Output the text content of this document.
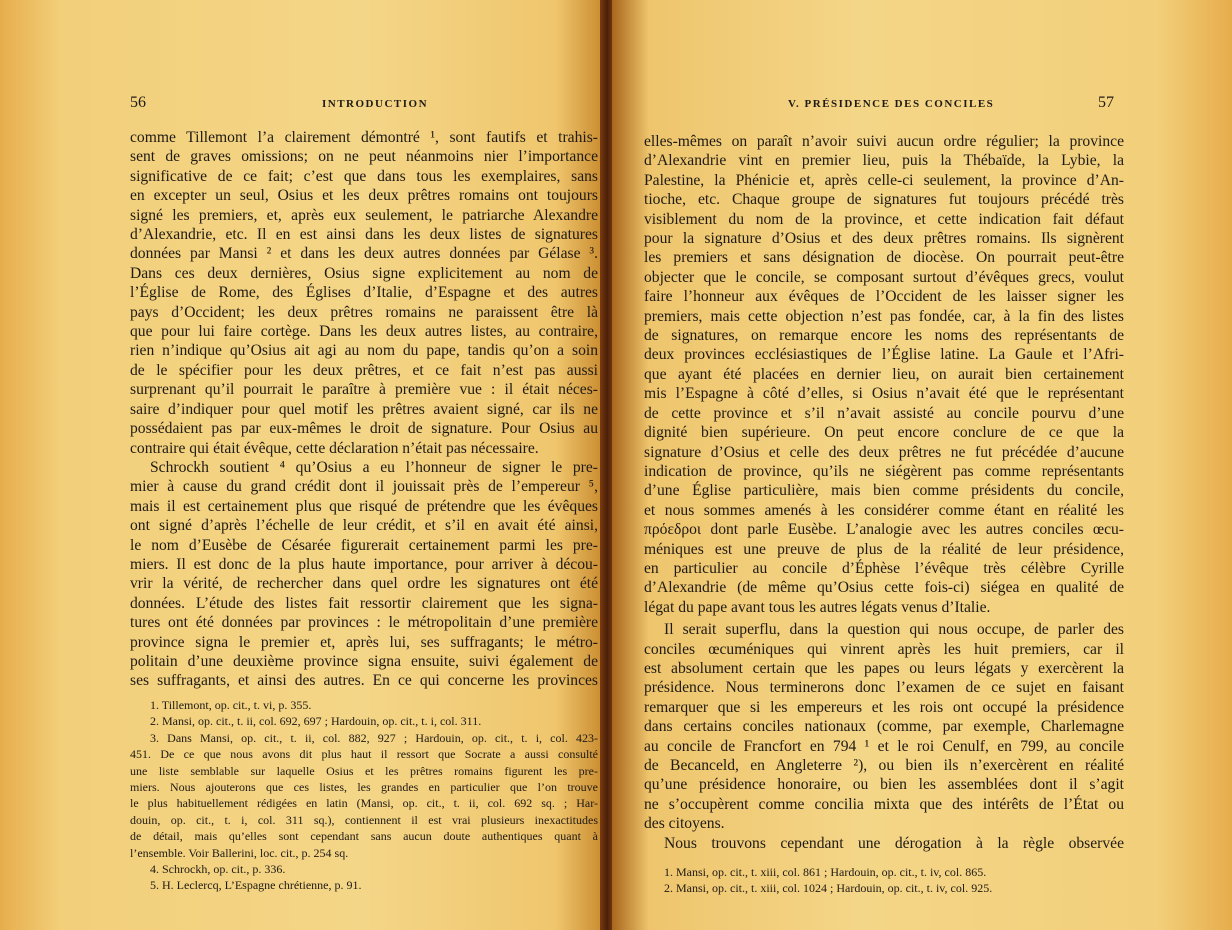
56	INTRODUCTION
comme Tillemont l’a clairement démontré ¹, sont fautifs et trahis-
sent de graves omissions; on ne peut néanmoins nier l’importance
significative de ce fait; c’est que dans tous les exemplaires, sans
en excepter un seul, Osius et les deux prêtres romains ont toujours
signé les premiers, et, après eux seulement, le patriarche Alexandre
d’Alexandrie, etc. Il en est ainsi dans les deux listes de signatures
données par Mansi ² et dans les deux autres données par Gélase ³.
Dans ces deux dernières, Osius signe explicitement au nom de
l’Église de Rome, des Églises d’Italie, d’Espagne et des autres
pays d’Occident; les deux prêtres romains ne paraissent être là
que pour lui faire cortège. Dans les deux autres listes, au contraire,
rien n’indique qu’Osius ait agi au nom du pape, tandis qu’on a soin
de le spécifier pour les deux prêtres, et ce fait n’est pas aussi
surprenant qu’il pourrait le paraître à première vue : il était néces-
saire d’indiquer pour quel motif les prêtres avaient signé, car ils ne
possédaient pas par eux-mêmes le droit de signature. Pour Osius au
contraire qui était évêque, cette déclaration n’était pas nécessaire.
Schrockh soutient ⁴ qu’Osius a eu l’honneur de signer le pre-
mier à cause du grand crédit dont il jouissait près de l’empereur ⁵,
mais il est certainement plus que risqué de prétendre que les évêques
ont signé d’après l’échelle de leur crédit, et s’il en avait été ainsi,
le nom d’Eusèbe de Césarée figurerait certainement parmi les pre-
miers. Il est donc de la plus haute importance, pour arriver à décou-
vrir la vérité, de rechercher dans quel ordre les signatures ont été
données. L’étude des listes fait ressortir clairement que les signa-
tures ont été données par provinces : le métropolitain d’une première
province signa le premier et, après lui, ses suffragants; le métro-
politain d’une deuxième province signa ensuite, suivi également de
ses suffragants, et ainsi des autres. En ce qui concerne les provinces
1. Tillemont, op. cit., t. vi, p. 355.
2. Mansi, op. cit., t. ii, col. 692, 697 ; Hardouin, op. cit., t. i, col. 311.
3. Dans Mansi, op. cit., t. ii, col. 882, 927 ; Hardouin, op. cit., t. i, col. 423-
451. De ce que nous avons dit plus haut il ressort que Socrate a aussi consulté
une liste semblable sur laquelle Osius et les prêtres romains figurent les pre-
miers. Nous ajouterons que ces listes, les grandes en particulier que l’on trouve
le plus habituellement rédigées en latin (Mansi, op. cit., t. ii, col. 692 sq. ; Har-
douin, op. cit., t. i, col. 311 sq.), contiennent il est vrai plusieurs inexactitudes
de détail, mais qu’elles sont cependant sans aucun doute authentiques quant à
l’ensemble. Voir Ballerini, loc. cit., p. 254 sq.
4. Schrockh, op. cit., p. 336.
5. H. Leclercq, L’Espagne chrétienne, p. 91.
V. PRÉSIDENCE DES CONCILES	57
elles-mêmes on paraît n’avoir suivi aucun ordre régulier; la province
d’Alexandrie vint en premier lieu, puis la Thébaïde, la Lybie, la
Palestine, la Phénicie et, après celle-ci seulement, la province d’An-
tioche, etc. Chaque groupe de signatures fut toujours précédé très
visiblement du nom de la province, et cette indication fait défaut
pour la signature d’Osius et des deux prêtres romains. Ils signèrent
les premiers et sans désignation de diocèse. On pourrait peut-être
objecter que le concile, se composant surtout d’évêques grecs, voulut
faire l’honneur aux évêques de l’Occident de les laisser signer les
premiers, mais cette objection n’est pas fondée, car, à la fin des listes
de signatures, on remarque encore les noms des représentants de
deux provinces ecclésiastiques de l’Église latine. La Gaule et l’Afri-
que ayant été placées en dernier lieu, on aurait bien certainement
mis l’Espagne à côté d’elles, si Osius n’avait été que le représentant
de cette province et s’il n’avait assisté au concile pourvu d’une
dignité bien supérieure. On peut encore conclure de ce que la
signature d’Osius et celle des deux prêtres ne fut précédée d’aucune
indication de province, qu’ils ne siégèrent pas comme représentants
d’une Église particulière, mais bien comme présidents du concile,
et nous sommes amenés à les considérer comme étant en réalité les
πρόεδροι dont parle Eusèbe. L’analogie avec les autres conciles œcu-
méniques est une preuve de plus de la réalité de leur présidence,
en particulier au concile d’Éphèse l’évêque très célèbre Cyrille
d’Alexandrie (de même qu’Osius cette fois-ci) siégea en qualité de
légat du pape avant tous les autres légats venus d’Italie.
Il serait superflu, dans la question qui nous occupe, de parler des
conciles œcuméniques qui vinrent après les huit premiers, car il
est absolument certain que les papes ou leurs légats y exercèrent la
présidence. Nous terminerons donc l’examen de ce sujet en faisant
remarquer que si les empereurs et les rois ont occupé la présidence
dans certains conciles nationaux (comme, par exemple, Charlemagne
au concile de Francfort en 794 ¹ et le roi Cenulf, en 799, au concile
de Becanceld, en Angleterre ²), ou bien ils n’exercèrent en réalité
qu’une présidence honoraire, ou bien les assemblées dont il s’agit
ne s’occupèrent comme concilia mixta que des intérêts de l’État ou
des citoyens.
Nous trouvons cependant une dérogation à la règle observée
1. Mansi, op. cit., t. xiii, col. 861 ; Hardouin, op. cit., t. iv, col. 865.
2. Mansi, op. cit., t. xiii, col. 1024 ; Hardouin, op. cit., t. iv, col. 925.
